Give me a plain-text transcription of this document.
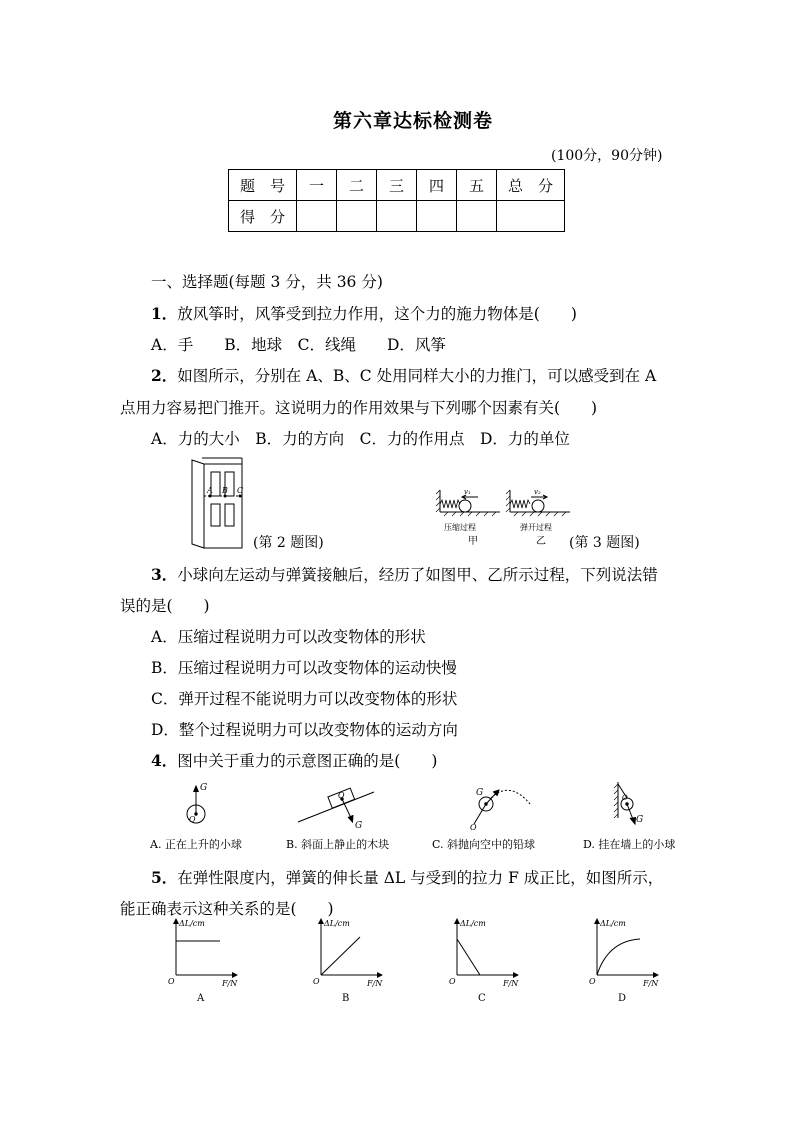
第六章达标检测卷
(100分，90分钟)
题　号	一	二	三	四	五	总　分
得　分						
一、选择题(每题 3 分，共 36 分)
1．放风筝时，风筝受到拉力作用，这个力的施力物体是(　　)
A．手　　B．地球　C．线绳　　D．风筝
2．如图所示，分别在 A、B、C 处用同样大小的力推门，可以感受到在 A
点用力容易把门推开。这说明力的作用效果与下列哪个因素有关(　　)
A．力的大小　B．力的方向　C．力的作用点　D．力的单位
A B C
(第 2 题图)
v₁	v₂
压缩过程	弹开过程
甲	乙 (第 3 题图)
3．小球向左运动与弹簧接触后，经历了如图甲、乙所示过程，下列说法错
误的是(　　)
A．压缩过程说明力可以改变物体的形状
B．压缩过程说明力可以改变物体的运动快慢
C．弹开过程不能说明力可以改变物体的形状
D．整个过程说明力可以改变物体的运动方向
4．图中关于重力的示意图正确的是(　　)
G
O
G
O	G
O
G
O
A. 正在上升的小球	B. 斜面上静止的木块	C. 斜抛向空中的铅球	D. 挂在墙上的小球
5．在弹性限度内，弹簧的伸长量 ΔL 与受到的拉力 F 成正比，如图所示，
能正确表示这种关系的是(　　)
ΔL/cm
F/N
O
ΔL/cm
F/N
O
ΔL/cm
F/N
O
ΔL/cm
F/N
O
A	B	C	D
